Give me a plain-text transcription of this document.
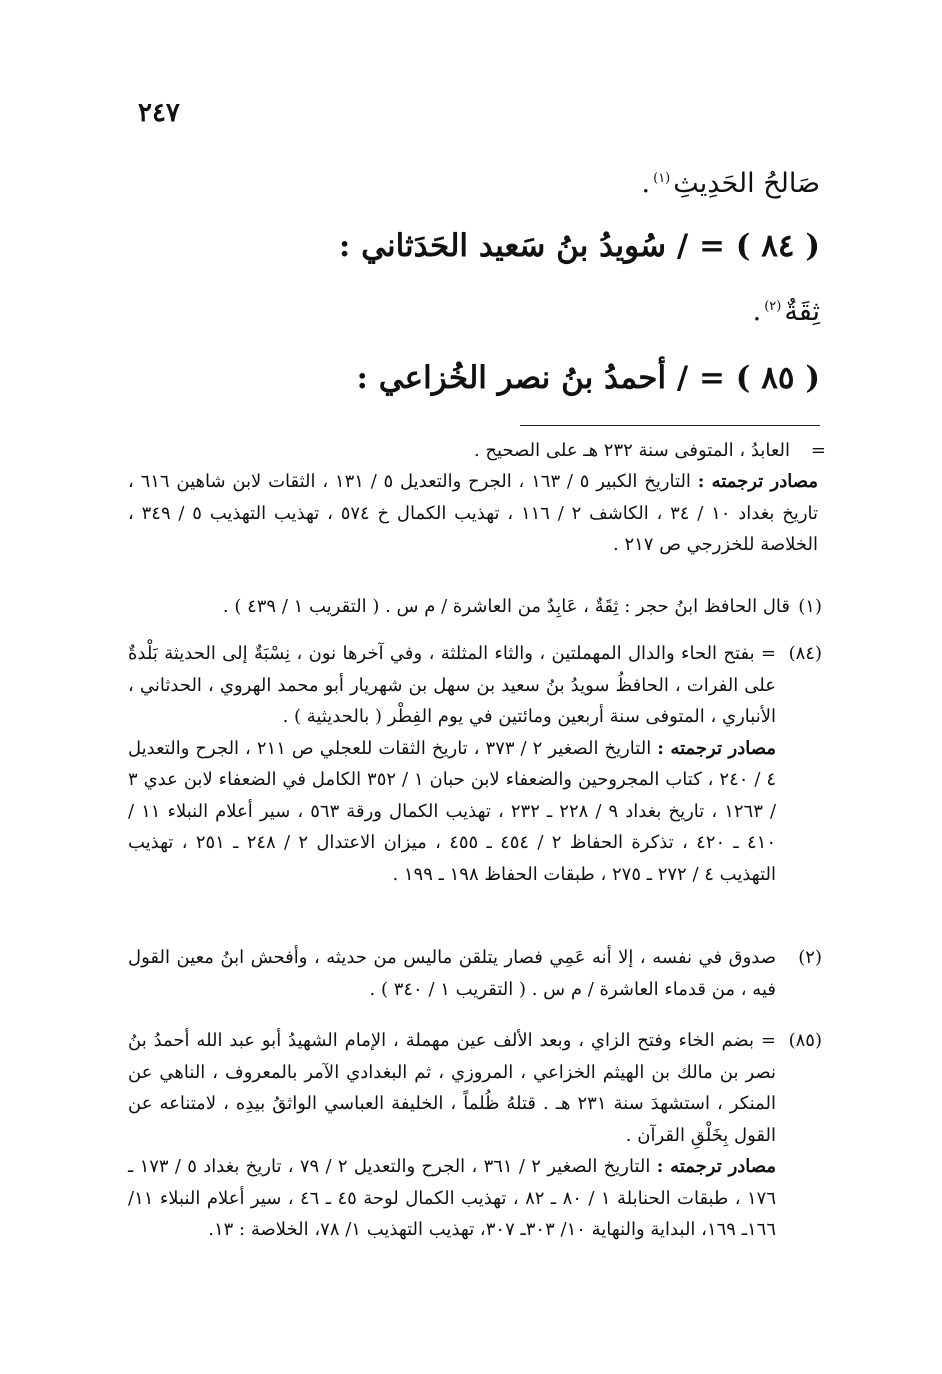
٢٤٧
صَالحُ الحَدِيثِ$^{(١)}$.
( ٨٤ ) = / سُويدُ بنُ سَعيد الحَدَثاني :
ثِقَةٌ$^{(٢)}$.
( ٨٥ ) = / أحمدُ بنُ نصر الخُزاعي :
=
العابدُ ، المتوفى سنة ٢٣٢ هـ على الصحيح .
مصادر ترجمته : التاريخ الكبير ٥ / ١٦٣ ، الجرح والتعديل ٥ / ١٣١ ، الثقات لابن شاهين ٦١٦ ، تاريخ بغداد ١٠ / ٣٤ ، الكاشف ٢ / ١١٦ ، تهذيب الكمال خ ٥٧٤ ، تهذيب التهذيب ٥ / ٣٤٩ ، الخلاصة للخزرجي ص ٢١٧ .
(١)
قال الحافظ ابنُ حجر : ثِقَةٌ ، عَابِدٌ من العاشرة / م س . ( التقريب ١ / ٤٣٩ ) .
(٨٤)
= بفتح الحاء والدال المهملتين ، والثاء المثلثة ، وفي آخرها نون ، نِسْبَةٌ إلى الحديثة بَلْدةٌ على الفرات ، الحافظُ سويدُ بنُ سعيد بن سهل بن شهريار أبو محمد الهروي ، الحدثاني ، الأنباري ، المتوفى سنة أربعين ومائتين في يوم الفِطْر ( بالحديثية ) .
مصادر ترجمته : التاريخ الصغير ٢ / ٣٧٣ ، تاريخ الثقات للعجلي ص ٢١١ ، الجرح والتعديل ٤ / ٢٤٠ ، كتاب المجروحين والضعفاء لابن حبان ١ / ٣٥٢ الكامل في الضعفاء لابن عدي ٣ / ١٢٦٣ ، تاريخ بغداد ٩ / ٢٢٨ ـ ٢٣٢ ، تهذيب الكمال ورقة ٥٦٣ ، سير أعلام النبلاء ١١ / ٤١٠ ـ ٤٢٠ ، تذكرة الحفاظ ٢ / ٤٥٤ ـ ٤٥٥ ، ميزان الاعتدال ٢ / ٢٤٨ ـ ٢٥١ ، تهذيب التهذيب ٤ / ٢٧٢ ـ ٢٧٥ ، طبقات الحفاظ ١٩٨ ـ ١٩٩ .
(٢)
صدوق في نفسه ، إلا أنه عَمِي فصار يتلقن ماليس من حديثه ، وأفحش ابنُ معين القول فيه ، من قدماء العاشرة / م س . ( التقريب ١ / ٣٤٠ ) .
(٨٥)
= بضم الخاء وفتح الزاي ، وبعد الألف عين مهملة ، الإمام الشهيدُ أبو عبد الله أحمدُ بنُ نصر بن مالك بن الهيثم الخزاعي ، المروزي ، ثم البغدادي الآمر بالمعروف ، الناهي عن المنكر ، استشهدَ سنة ٢٣١ هـ . قتلهُ ظُلماً ، الخليفة العباسي الواثقُ بيدِه ، لامتناعه عن القول بِخَلْقِ القرآن .
مصادر ترجمته : التاريخ الصغير ٢ / ٣٦١ ، الجرح والتعديل ٢ / ٧٩ ، تاريخ بغداد ٥ / ١٧٣ ـ ١٧٦ ، طبقات الحنابلة ١ / ٨٠ ـ ٨٢ ، تهذيب الكمال لوحة ٤٥ ـ ٤٦ ، سير أعلام النبلاء ١١/ ١٦٦ـ ١٦٩، البداية والنهاية ١٠/ ٣٠٣ـ ٣٠٧، تهذيب التهذيب ١/ ٧٨، الخلاصة : ١٣.
